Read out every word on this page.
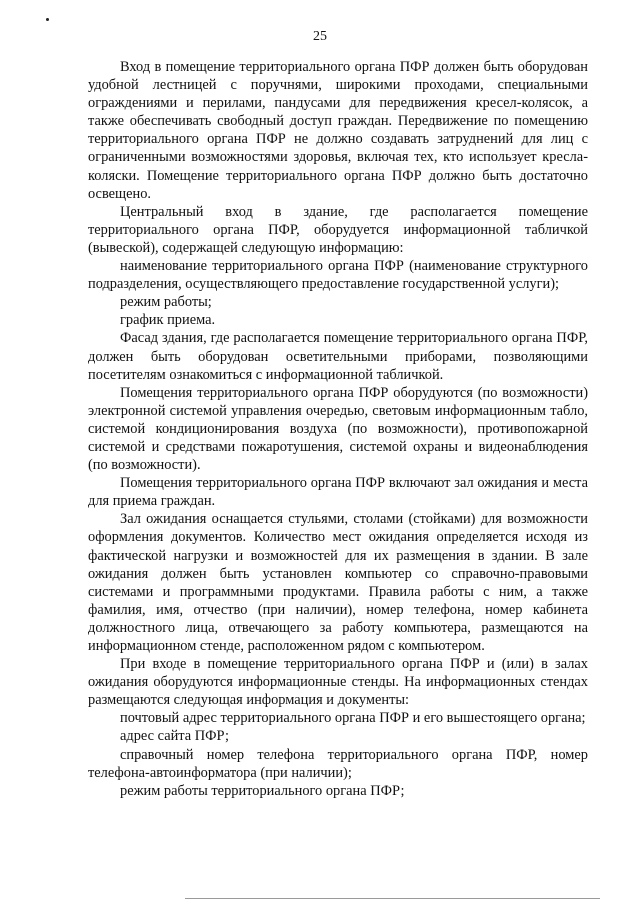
25

Вход в помещение территориального органа ПФР должен быть оборудован удобной лестницей с поручнями, широкими проходами, специальными ограждениями и перилами, пандусами для передвижения кресел-колясок, а также обеспечивать свободный доступ граждан. Передвижение по помещению территориального органа ПФР не должно создавать затруднений для лиц с ограниченными возможностями здоровья, включая тех, кто использует кресла-коляски. Помещение территориального органа ПФР должно быть достаточно освещено.

Центральный вход в здание, где располагается помещение территориального органа ПФР, оборудуется информационной табличкой (вывеской), содержащей следующую информацию:

наименование территориального органа ПФР (наименование структурного подразделения, осуществляющего предоставление государственной услуги);

режим работы;

график приема.

Фасад здания, где располагается помещение территориального органа ПФР, должен быть оборудован осветительными приборами, позволяющими посетителям ознакомиться с информационной табличкой.

Помещения территориального органа ПФР оборудуются (по возможности) электронной системой управления очередью, световым информационным табло, системой кондиционирования воздуха (по возможности), противопожарной системой и средствами пожаротушения, системой охраны и видеонаблюдения (по возможности).

Помещения территориального органа ПФР включают зал ожидания и места для приема граждан.

Зал ожидания оснащается стульями, столами (стойками) для возможности оформления документов. Количество мест ожидания определяется исходя из фактической нагрузки и возможностей для их размещения в здании. В зале ожидания должен быть установлен компьютер со справочно-правовыми системами и программными продуктами. Правила работы с ним, а также фамилия, имя, отчество (при наличии), номер телефона, номер кабинета должностного лица, отвечающего за работу компьютера, размещаются на информационном стенде, расположенном рядом с компьютером.

При входе в помещение территориального органа ПФР и (или) в залах ожидания оборудуются информационные стенды. На информационных стендах размещаются следующая информация и документы:

почтовый адрес территориального органа ПФР и его вышестоящего органа;

адрес сайта ПФР;

справочный номер телефона территориального органа ПФР, номер телефона-автоинформатора (при наличии);

режим работы территориального органа ПФР;
